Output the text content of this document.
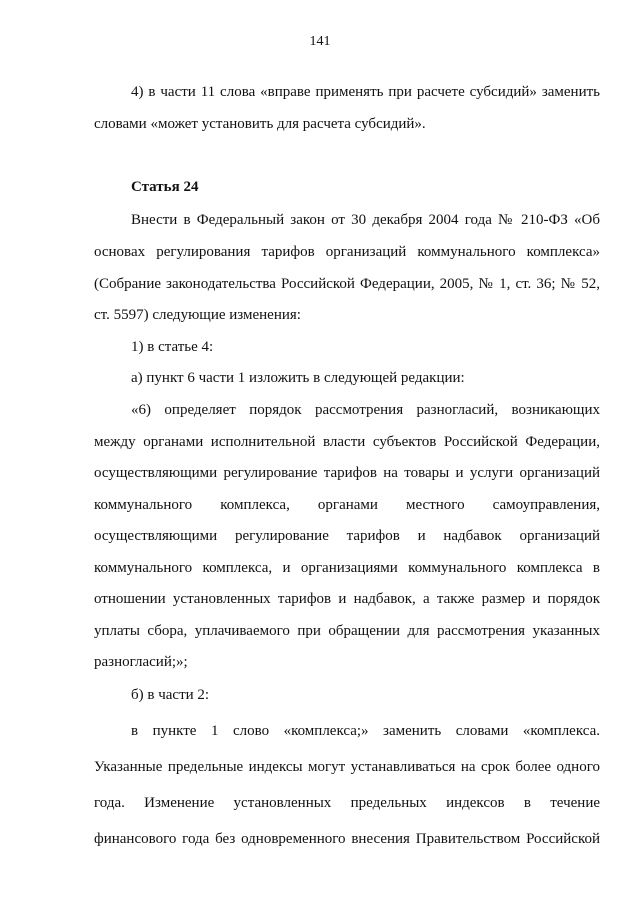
141
4) в части 11 слова «вправе применять при расчете субсидий» заменить
словами «может установить для расчета субсидий».
Статья 24
Внести в Федеральный закон от 30 декабря 2004 года № 210-ФЗ «Об
основах регулирования тарифов организаций коммунального комплекса»
(Собрание законодательства Российской Федерации, 2005, № 1, ст. 36; № 52,
ст. 5597) следующие изменения:
1) в статье 4:
а) пункт 6 части 1 изложить в следующей редакции:
«6) определяет порядок рассмотрения разногласий, возникающих
между органами исполнительной власти субъектов Российской Федерации,
осуществляющими регулирование тарифов на товары и услуги организаций
коммунального комплекса, органами местного самоуправления,
осуществляющими регулирование тарифов и надбавок организаций
коммунального комплекса, и организациями коммунального комплекса в
отношении установленных тарифов и надбавок, а также размер и порядок
уплаты сбора, уплачиваемого при обращении для рассмотрения указанных
разногласий;»;
б) в части 2:
в пункте 1 слово «комплекса;» заменить словами «комплекса.
Указанные предельные индексы могут устанавливаться на срок более одного
года. Изменение установленных предельных индексов в течение
финансового года без одновременного внесения Правительством Российской
